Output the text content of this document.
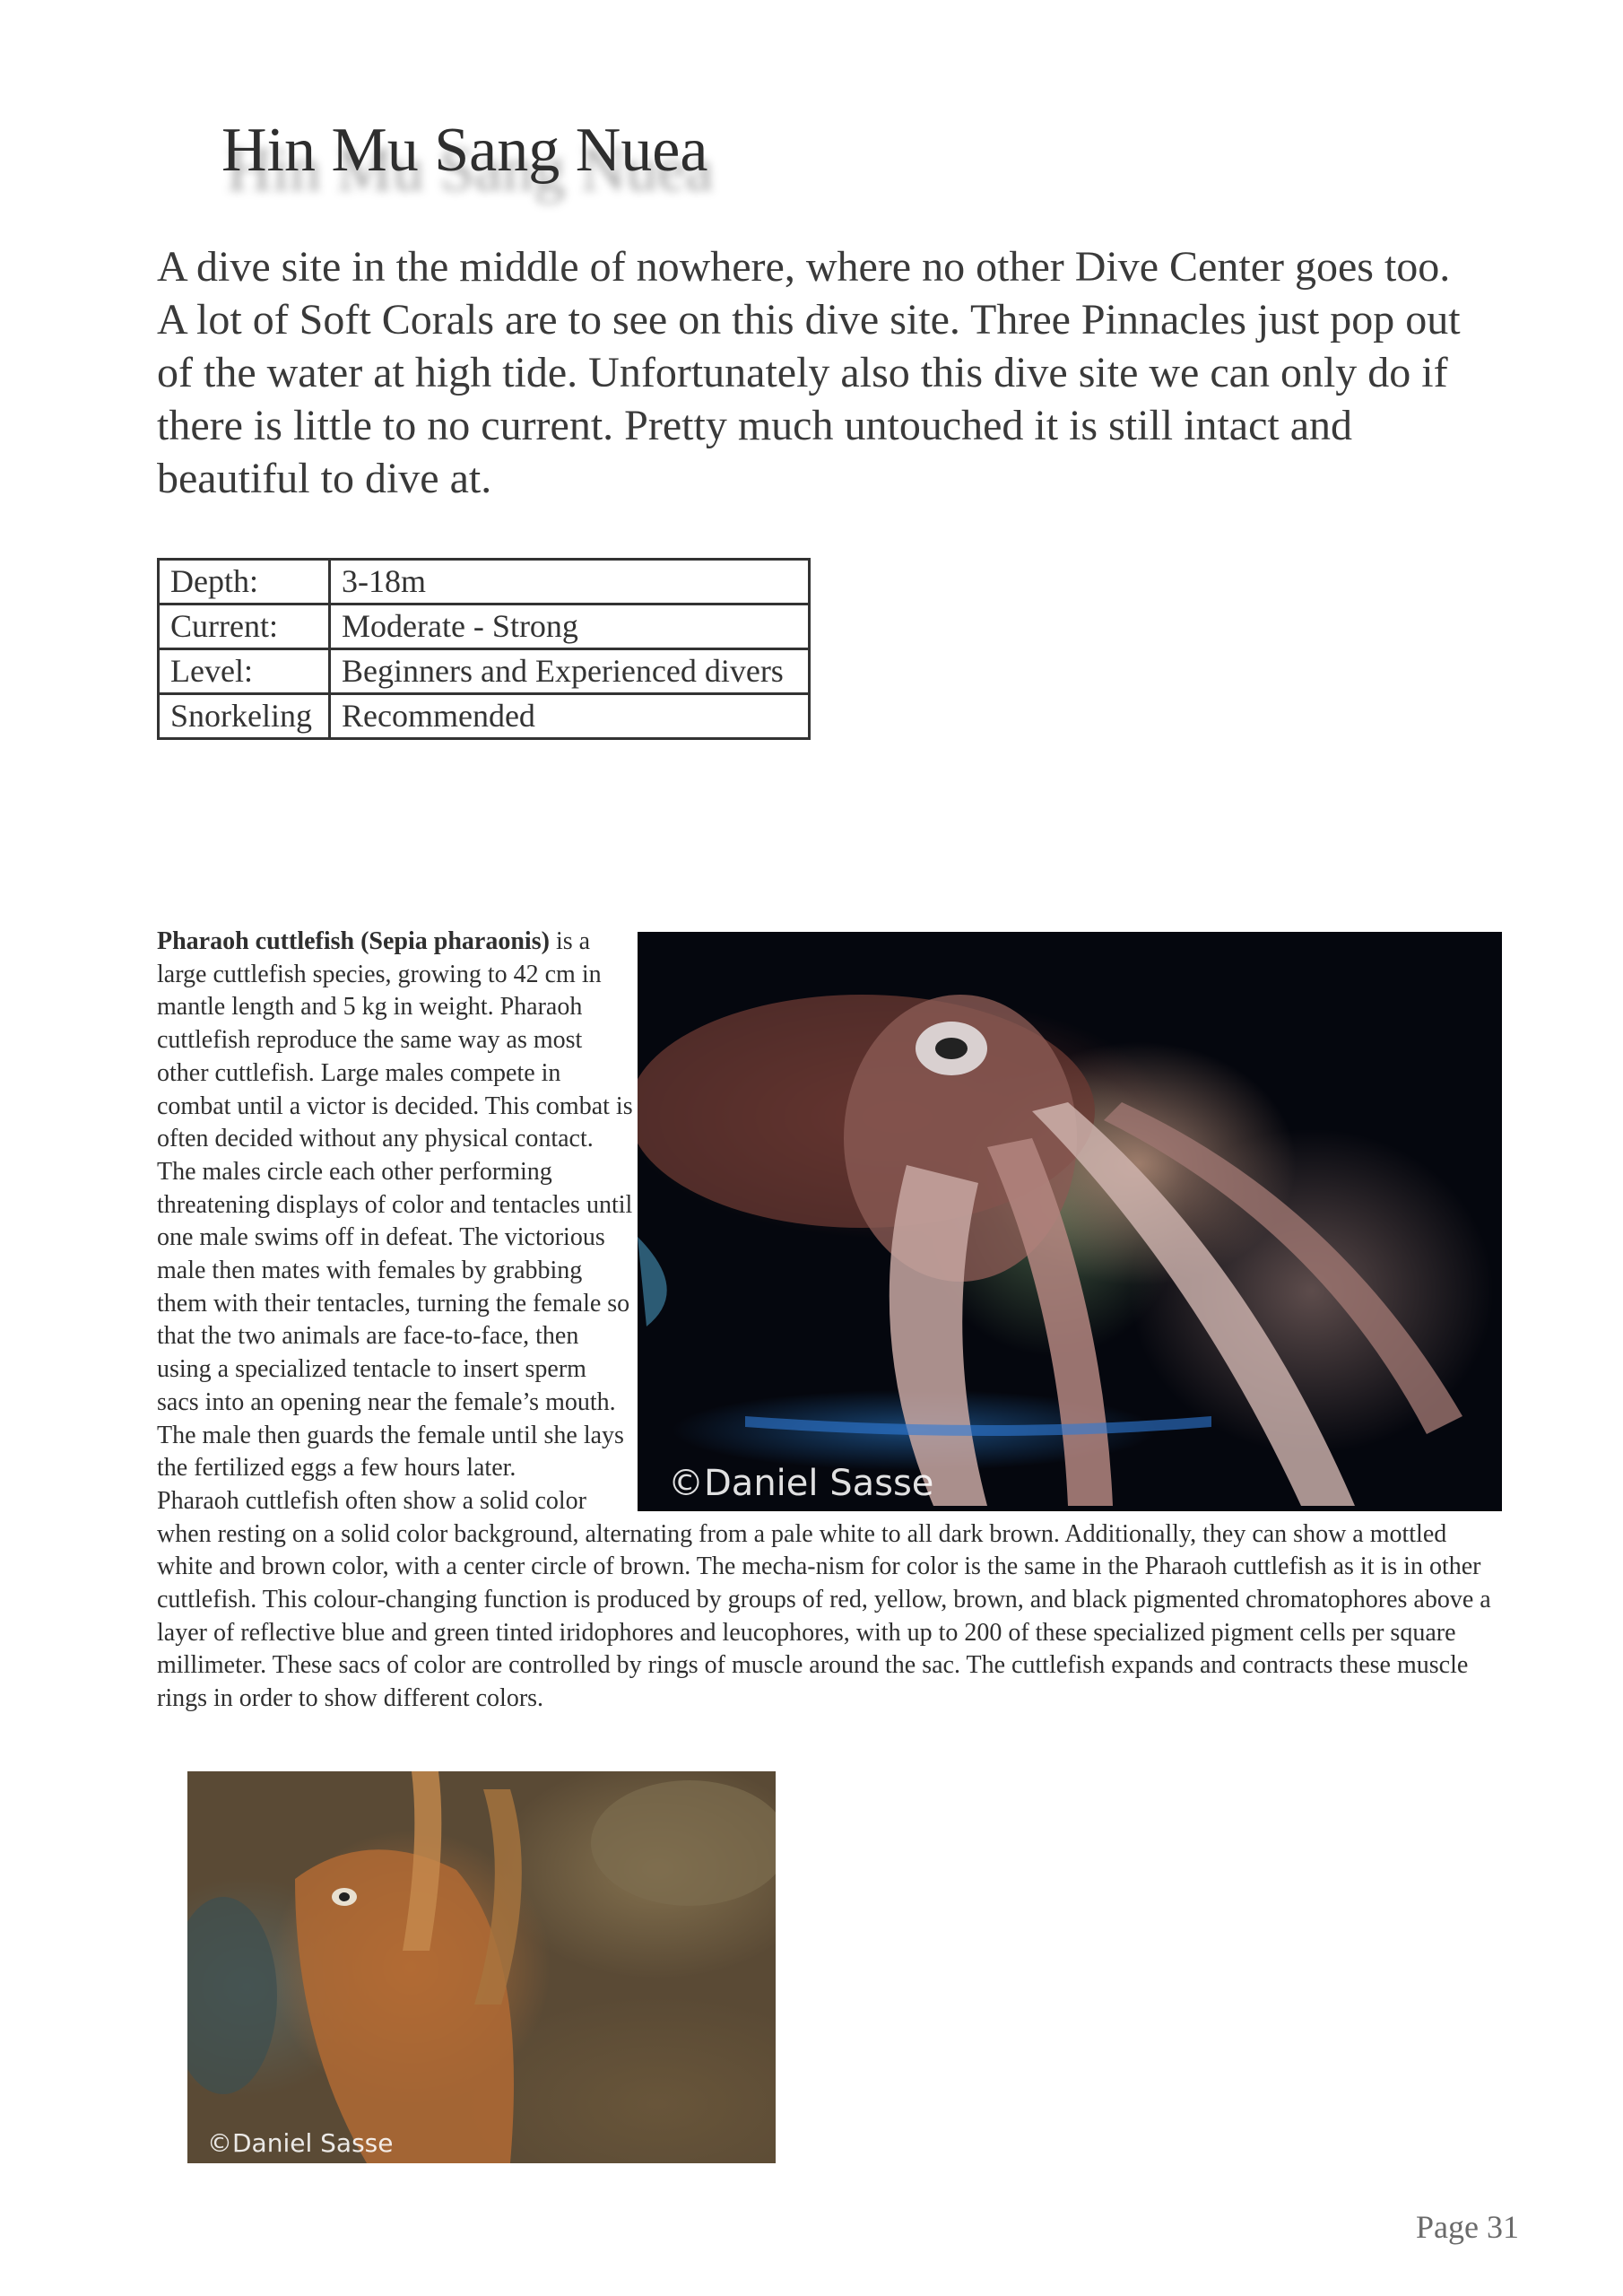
Hin Mu Sang Nuea

A dive site in the middle of nowhere, where no other Dive Center goes too. A lot of Soft Corals are to see on this dive site. Three Pinnacles just pop out of the water at high tide. Unfortunately also this dive site we can only do if there is little to no current. Pretty much untouched it is still intact and beautiful to dive at.

Depth:	3-18m
Current:	Moderate - Strong
Level:	Beginners and Experienced divers
Snorkeling	Recommended
©Daniel Sasse
Pharaoh cuttlefish (Sepia pharaonis) is a large cuttlefish species, growing to 42 cm in mantle length and 5 kg in weight. Pharaoh cuttlefish reproduce the same way as most other cuttlefish. Large males compete in combat until a victor is decided. This combat is often decided without any physical contact. The males circle each other performing threatening displays of color and tentacles until one male swims off in defeat. The victorious male then mates with females by grabbing them with their tentacles, turning the female so that the two animals are face-to-face, then using a specialized tentacle to insert sperm sacs into an opening near the female’s mouth. The male then guards the female until she lays the fertilized eggs a few hours later.
Pharaoh cuttlefish often show a solid color when resting on a solid color background, alternating from a pale white to all dark brown. Additionally, they can show a mottled white and brown color, with a center circle of brown. The mecha-nism for color is the same in the Pharaoh cuttlefish as it is in other cuttlefish. This colour-changing function is produced by groups of red, yellow, brown, and black pigmented chromatophores above a layer of reflective blue and green tinted iridophores and leucophores, with up to 200 of these specialized pigment cells per square millimeter. These sacs of color are controlled by rings of muscle around the sac. The cuttlefish expands and contracts these muscle rings in order to show different colors.
©Daniel Sasse

Page 31
